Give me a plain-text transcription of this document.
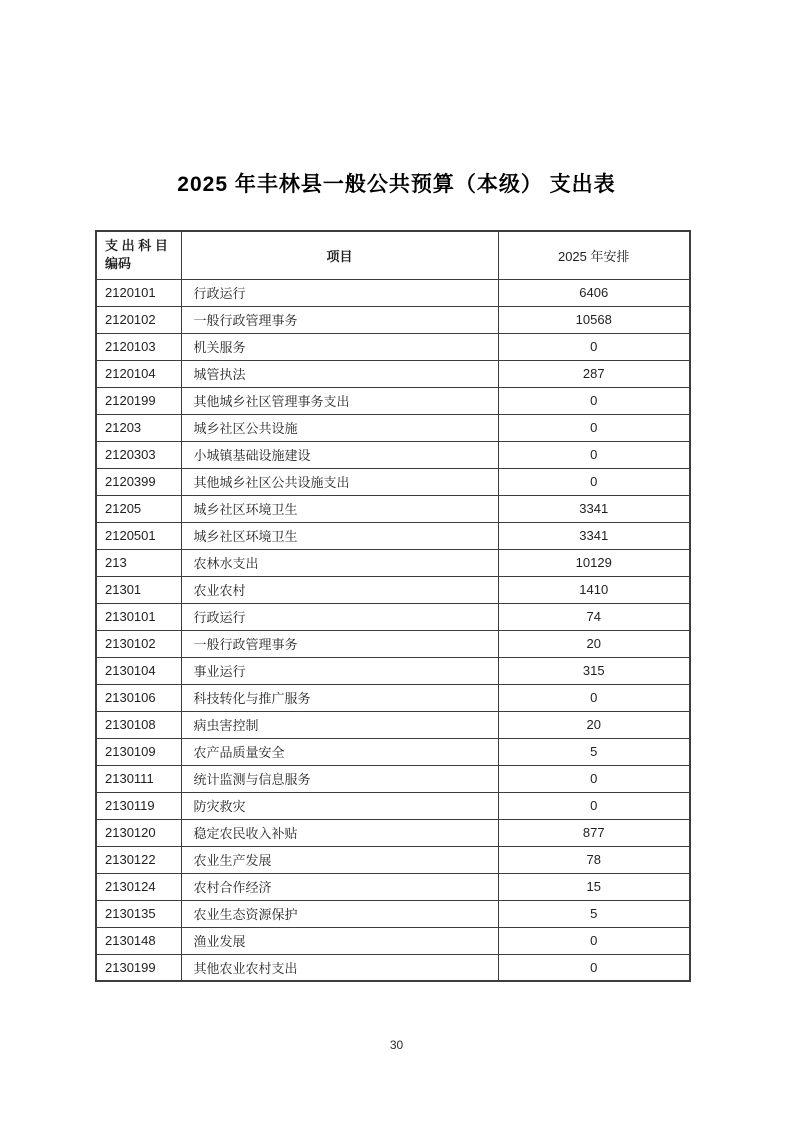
2025 年丰林县一般公共预算（本级） 支出表
支 出 科 目
编码	项目	2025 年安排
2120101	行政运行	6406
2120102	一般行政管理事务	10568
2120103	机关服务	0
2120104	城管执法	287
2120199	其他城乡社区管理事务支出	0
21203	城乡社区公共设施	0
2120303	小城镇基础设施建设	0
2120399	其他城乡社区公共设施支出	0
21205	城乡社区环境卫生	3341
2120501	城乡社区环境卫生	3341
213	农林水支出	10129
21301	农业农村	1410
2130101	行政运行	74
2130102	一般行政管理事务	20
2130104	事业运行	315
2130106	科技转化与推广服务	0
2130108	病虫害控制	20
2130109	农产品质量安全	5
2130111	统计监测与信息服务	0
2130119	防灾救灾	0
2130120	稳定农民收入补贴	877
2130122	农业生产发展	78
2130124	农村合作经济	15
2130135	农业生态资源保护	5
2130148	渔业发展	0
2130199	其他农业农村支出	0
30
